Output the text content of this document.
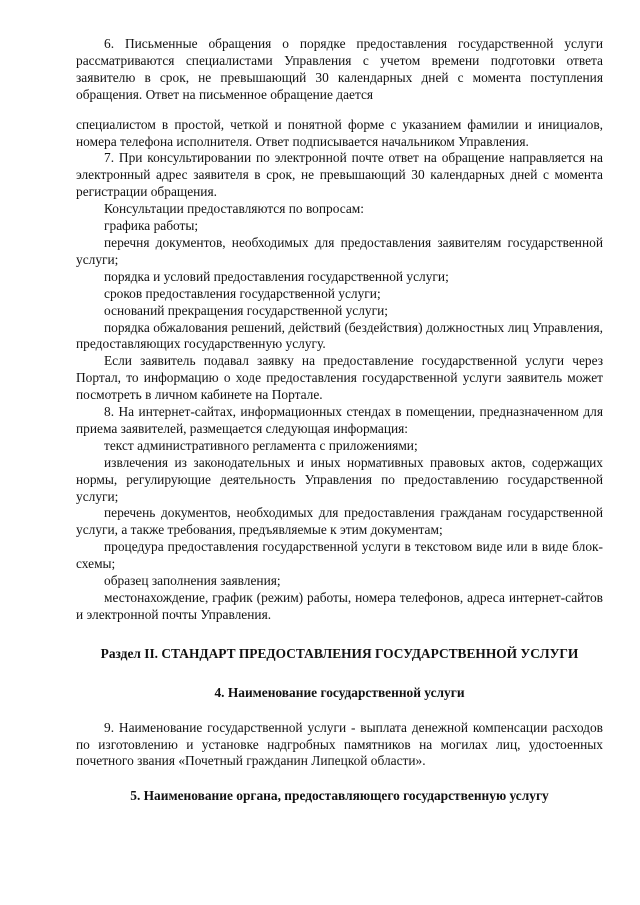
6. Письменные обращения о порядке предоставления государственной услуги рассматриваются специалистами Управления с учетом времени подготовки ответа заявителю в срок, не превышающий 30 календарных дней с момента поступления обращения. Ответ на письменное обращение дается

специалистом в простой, четкой и понятной форме с указанием фамилии и инициалов, номера телефона исполнителя. Ответ подписывается начальником Управления.

7. При консультировании по электронной почте ответ на обращение направляется на электронный адрес заявителя в срок, не превышающий 30 календарных дней с момента регистрации обращения.

Консультации предоставляются по вопросам:

графика работы;

перечня документов, необходимых для предоставления заявителям государственной услуги;

порядка и условий предоставления государственной услуги;

сроков предоставления государственной услуги;

оснований прекращения государственной услуги;

порядка обжалования решений, действий (бездействия) должностных лиц Управления, предоставляющих государственную услугу.

Если заявитель подавал заявку на предоставление государственной услуги через Портал, то информацию о ходе предоставления государственной услуги заявитель может посмотреть в личном кабинете на Портале.

8. На интернет-сайтах, информационных стендах в помещении, предназначенном для приема заявителей, размещается следующая информация:

текст административного регламента с приложениями;

извлечения из законодательных и иных нормативных правовых актов, содержащих нормы, регулирующие деятельность Управления по предоставлению государственной услуги;

перечень документов, необходимых для предоставления гражданам государственной услуги, а также требования, предъявляемые к этим документам;

процедура предоставления государственной услуги в текстовом виде или в виде блок-схемы;

образец заполнения заявления;

местонахождение, график (режим) работы, номера телефонов, адреса интернет-сайтов и электронной почты Управления.

Раздел II. СТАНДАРТ ПРЕДОСТАВЛЕНИЯ ГОСУДАРСТВЕННОЙ УСЛУГИ

4. Наименование государственной услуги

9. Наименование государственной услуги - выплата денежной компенсации расходов по изготовлению и установке надгробных памятников на могилах лиц, удостоенных почетного звания «Почетный гражданин Липецкой области».

5. Наименование органа, предоставляющего государственную услугу
